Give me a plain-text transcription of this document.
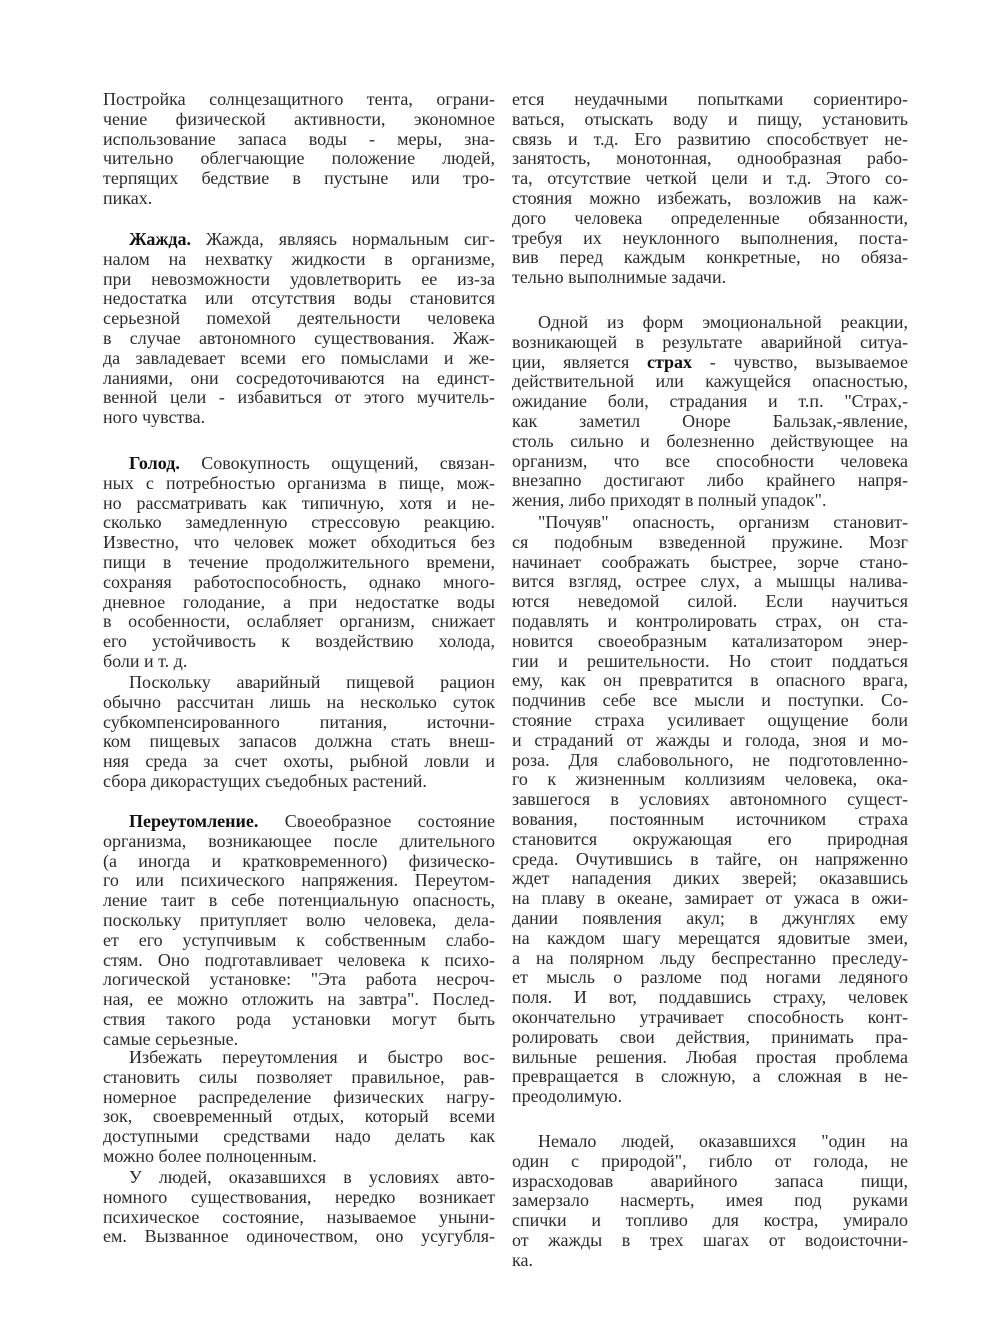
Постройка солнцезащитного тента, ограни-
чение физической активности, экономное
использование запаса воды - меры, зна-
чительно облегчающие положение людей,
терпящих бедствие в пустыне или тро-
пиках.
Жажда. Жажда, являясь нормальным сиг-
налом на нехватку жидкости в организме,
при невозможности удовлетворить ее из-за
недостатка или отсутствия воды становится
серьезной помехой деятельности человека
в случае автономного существования. Жаж-
да завладевает всеми его помыслами и же-
ланиями, они сосредоточиваются на единст-
венной цели - избавиться от этого мучитель-
ного чувства.
Голод. Совокупность ощущений, связан-
ных с потребностью организма в пище, мож-
но рассматривать как типичную, хотя и не-
сколько замедленную стрессовую реакцию.
Известно, что человек может обходиться без
пищи в течение продолжительного времени,
сохраняя работоспособность, однако много-
дневное голодание, а при недостатке воды
в особенности, ослабляет организм, снижает
его устойчивость к воздействию холода,
боли и т. д.
Поскольку аварийный пищевой рацион
обычно рассчитан лишь на несколько суток
субкомпенсированного питания, источни-
ком пищевых запасов должна стать внеш-
няя среда за счет охоты, рыбной ловли и
сбора дикорастущих съедобных растений.
Переутомление. Своеобразное состояние
организма, возникающее после длительного
(а иногда и кратковременного) физическо-
го или психического напряжения. Переутом-
ление таит в себе потенциальную опасность,
поскольку притупляет волю человека, дела-
ет его уступчивым к собственным слабо-
стям. Оно подготавливает человека к психо-
логической установке: "Эта работа несроч-
ная, ее можно отложить на завтра". Послед-
ствия такого рода установки могут быть
самые серьезные.
Избежать переутомления и быстро вос-
становить силы позволяет правильное, рав-
номерное распределение физических нагру-
зок, своевременный отдых, который всеми
доступными средствами надо делать как
можно более полноценным.
У людей, оказавшихся в условиях авто-
номного существования, нередко возникает
психическое состояние, называемое уныни-
ем. Вызванное одиночеством, оно усугубля-
ется неудачными попытками сориентиро-
ваться, отыскать воду и пищу, установить
связь и т.д. Его развитию способствует не-
занятость, монотонная, однообразная рабо-
та, отсутствие четкой цели и т.д. Этого со-
стояния можно избежать, возложив на каж-
дого человека определенные обязанности,
требуя их неуклонного выполнения, поста-
вив перед каждым конкретные, но обяза-
тельно выполнимые задачи.
Одной из форм эмоциональной реакции,
возникающей в результате аварийной ситуа-
ции, является страх - чувство, вызываемое
действительной или кажущейся опасностью,
ожидание боли, страдания и т.п. "Страх,-
как заметил Оноре Бальзак,-явление,
столь сильно и болезненно действующее на
организм, что все способности человека
внезапно достигают либо крайнего напря-
жения, либо приходят в полный упадок".
"Почуяв" опасность, организм становит-
ся подобным взведенной пружине. Мозг
начинает соображать быстрее, зорче стано-
вится взгляд, острее слух, а мышцы налива-
ются неведомой силой. Если научиться
подавлять и контролировать страх, он ста-
новится своеобразным катализатором энер-
гии и решительности. Но стоит поддаться
ему, как он превратится в опасного врага,
подчинив себе все мысли и поступки. Со-
стояние страха усиливает ощущение боли
и страданий от жажды и голода, зноя и мо-
роза. Для слабовольного, не подготовленно-
го к жизненным коллизиям человека, ока-
завшегося в условиях автономного сущест-
вования, постоянным источником страха
становится окружающая его природная
среда. Очутившись в тайге, он напряженно
ждет нападения диких зверей; оказавшись
на плаву в океане, замирает от ужаса в ожи-
дании появления акул; в джунглях ему
на каждом шагу мерещатся ядовитые змеи,
а на полярном льду беспрестанно преследу-
ет мысль о разломе под ногами ледяного
поля. И вот, поддавшись страху, человек
окончательно утрачивает способность конт-
ролировать свои действия, принимать пра-
вильные решения. Любая простая проблема
превращается в сложную, а сложная в не-
преодолимую.
Немало людей, оказавшихся "один на
один с природой", гибло от голода, не
израсходовав аварийного запаса пищи,
замерзало насмерть, имея под руками
спички и топливо для костра, умирало
от жажды в трех шагах от водоисточни-
ка.
